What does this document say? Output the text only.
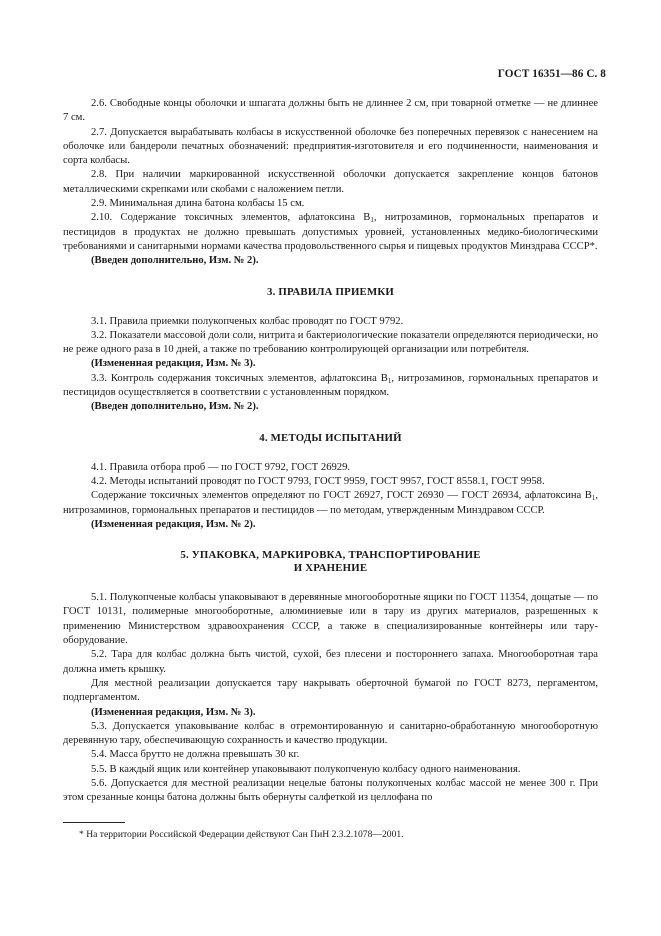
ГОСТ 16351—86 С. 8

2.6. Свободные концы оболочки и шпагата должны быть не длиннее 2 см, при товарной отметке — не длиннее 7 см.

2.7. Допускается вырабатывать колбасы в искусственной оболочке без поперечных перевязок с нанесением на оболочке или бандероли печатных обозначений: предприятия-изготовителя и его подчиненности, наименования и сорта колбасы.

2.8. При наличии маркированной искусственной оболочки допускается закрепление концов батонов металлическими скрепками или скобами с наложением петли.

2.9. Минимальная длина батона колбасы 15 см.

2.10. Содержание токсичных элементов, афлатоксина $B_1$, нитрозаминов, гормональных препаратов и пестицидов в продуктах не должно превышать допустимых уровней, установленных медико-биологическими требованиями и санитарными нормами качества продовольственного сырья и пищевых продуктов Минздрава СССР*.

(Введен дополнительно, Изм. № 2).

3. ПРАВИЛА ПРИЕМКИ

3.1. Правила приемки полукопченых колбас проводят по ГОСТ 9792.

3.2. Показатели массовой доли соли, нитрита и бактериологические показатели определяются периодически, но не реже одного раза в 10 дней, а также по требованию контролирующей организации или потребителя.

(Измененная редакция, Изм. № 3).

3.3. Контроль содержания токсичных элементов, афлатоксина $B_1$, нитрозаминов, гормональных препаратов и пестицидов осуществляется в соответствии с установленным порядком.

(Введен дополнительно, Изм. № 2).

4. МЕТОДЫ ИСПЫТАНИЙ

4.1. Правила отбора проб — по ГОСТ 9792, ГОСТ 26929.

4.2. Методы испытаний проводят по ГОСТ 9793, ГОСТ 9959, ГОСТ 9957, ГОСТ 8558.1, ГОСТ 9958.

Содержание токсичных элементов определяют по ГОСТ 26927, ГОСТ 26930 — ГОСТ 26934, афлатоксина $B_1$, нитрозаминов, гормональных препаратов и пестицидов — по методам, утвержденным Минздравом СССР.

(Измененная редакция, Изм. № 2).

5. УПАКОВКА, МАРКИРОВКА, ТРАНСПОРТИРОВАНИЕ
И ХРАНЕНИЕ

5.1. Полукопченые колбасы упаковывают в деревянные многооборотные ящики по ГОСТ 11354, дощатые — по ГОСТ 10131, полимерные многооборотные, алюминиевые или в тару из других материалов, разрешенных к применению Министерством здравоохранения СССР, а также в специализированные контейнеры или тару-оборудование.

5.2. Тара для колбас должна быть чистой, сухой, без плесени и постороннего запаха. Многооборотная тара должна иметь крышку.

Для местной реализации допускается тару накрывать оберточной бумагой по ГОСТ 8273, пергаментом, подпергаментом.

(Измененная редакция, Изм. № 3).

5.3. Допускается упаковывание колбас в отремонтированную и санитарно-обработанную многооборотную деревянную тару, обеспечивающую сохранность и качество продукции.

5.4. Масса брутто не должна превышать 30 кг.

5.5. В каждый ящик или контейнер упаковывают полукопченую колбасу одного наименования.

5.6. Допускается для местной реализации нецелые батоны полукопченых колбас массой не менее 300 г. При этом срезанные концы батона должны быть обернуты салфеткой из целлофана по

* На территории Российской Федерации действуют Сан ПиН 2.3.2.1078—2001.
